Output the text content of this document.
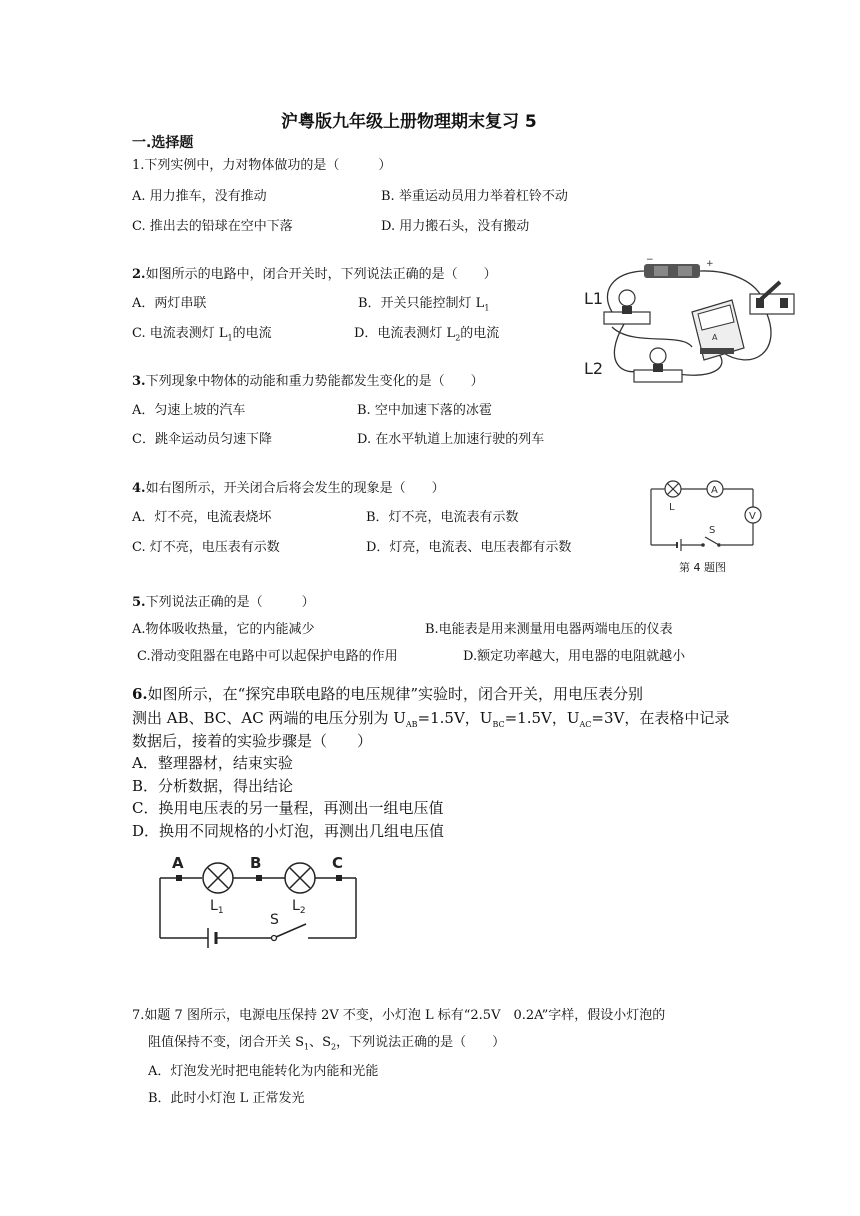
沪粤版九年级上册物理期末复习 5
一.选择题
1.下列实例中，力对物体做功的是（　　　）
A. 用力推车，没有推动	B. 举重运动员用力举着杠铃不动
C. 推出去的铅球在空中下落	D. 用力搬石头，没有搬动
2.如图所示的电路中，闭合开关时，下列说法正确的是（　　）
A．两灯串联	B．开关只能控制灯 $L_1$
C. 电流表测灯 $L_1$的电流	D．电流表测灯 $L_2$的电流
−	+
A
L1
L2
3.下列现象中物体的动能和重力势能都发生变化的是（　　）
A．匀速上坡的汽车	B. 空中加速下落的冰雹
C．跳伞运动员匀速下降	D. 在水平轨道上加速行驶的列车
4.如右图所示，开关闭合后将会发生的现象是（　　）
A．灯不亮，电流表烧坏	B．灯不亮，电流表有示数
C. 灯不亮，电压表有示数	D．灯亮，电流表、电压表都有示数
A
V
S
L
第 4 题图
5.下列说法正确的是（　　　）
A.物体吸收热量，它的内能减少	B.电能表是用来测量用电器两端电压的仪表
C.滑动变阻器在电路中可以起保护电路的作用	D.额定功率越大，用电器的电阻就越小
6.如图所示，在“探究串联电路的电压规律”实验时，闭合开关，用电压表分别
测出 AB、BC、AC 两端的电压分别为 $U_{AB}=1.5V$，$U_{BC}=1.5V$，$U_{AC}=3V$，在表格中记录
数据后，接着的实验步骤是（　　）
A．整理器材，结束实验
B．分析数据，得出结论
C．换用电压表的另一量程，再测出一组电压值
D．换用不同规格的小灯泡，再测出几组电压值
A	B	C
$L_1$	$L_2$
S
7.如题 7 图所示，电源电压保持 2V 不变，小灯泡 L 标有“2.5V　0.2A”字样，假设小灯泡的
阻值保持不变，闭合开关 $S_1$、$S_2$，下列说法正确的是（　　）
A．灯泡发光时把电能转化为内能和光能
B．此时小灯泡 L 正常发光
